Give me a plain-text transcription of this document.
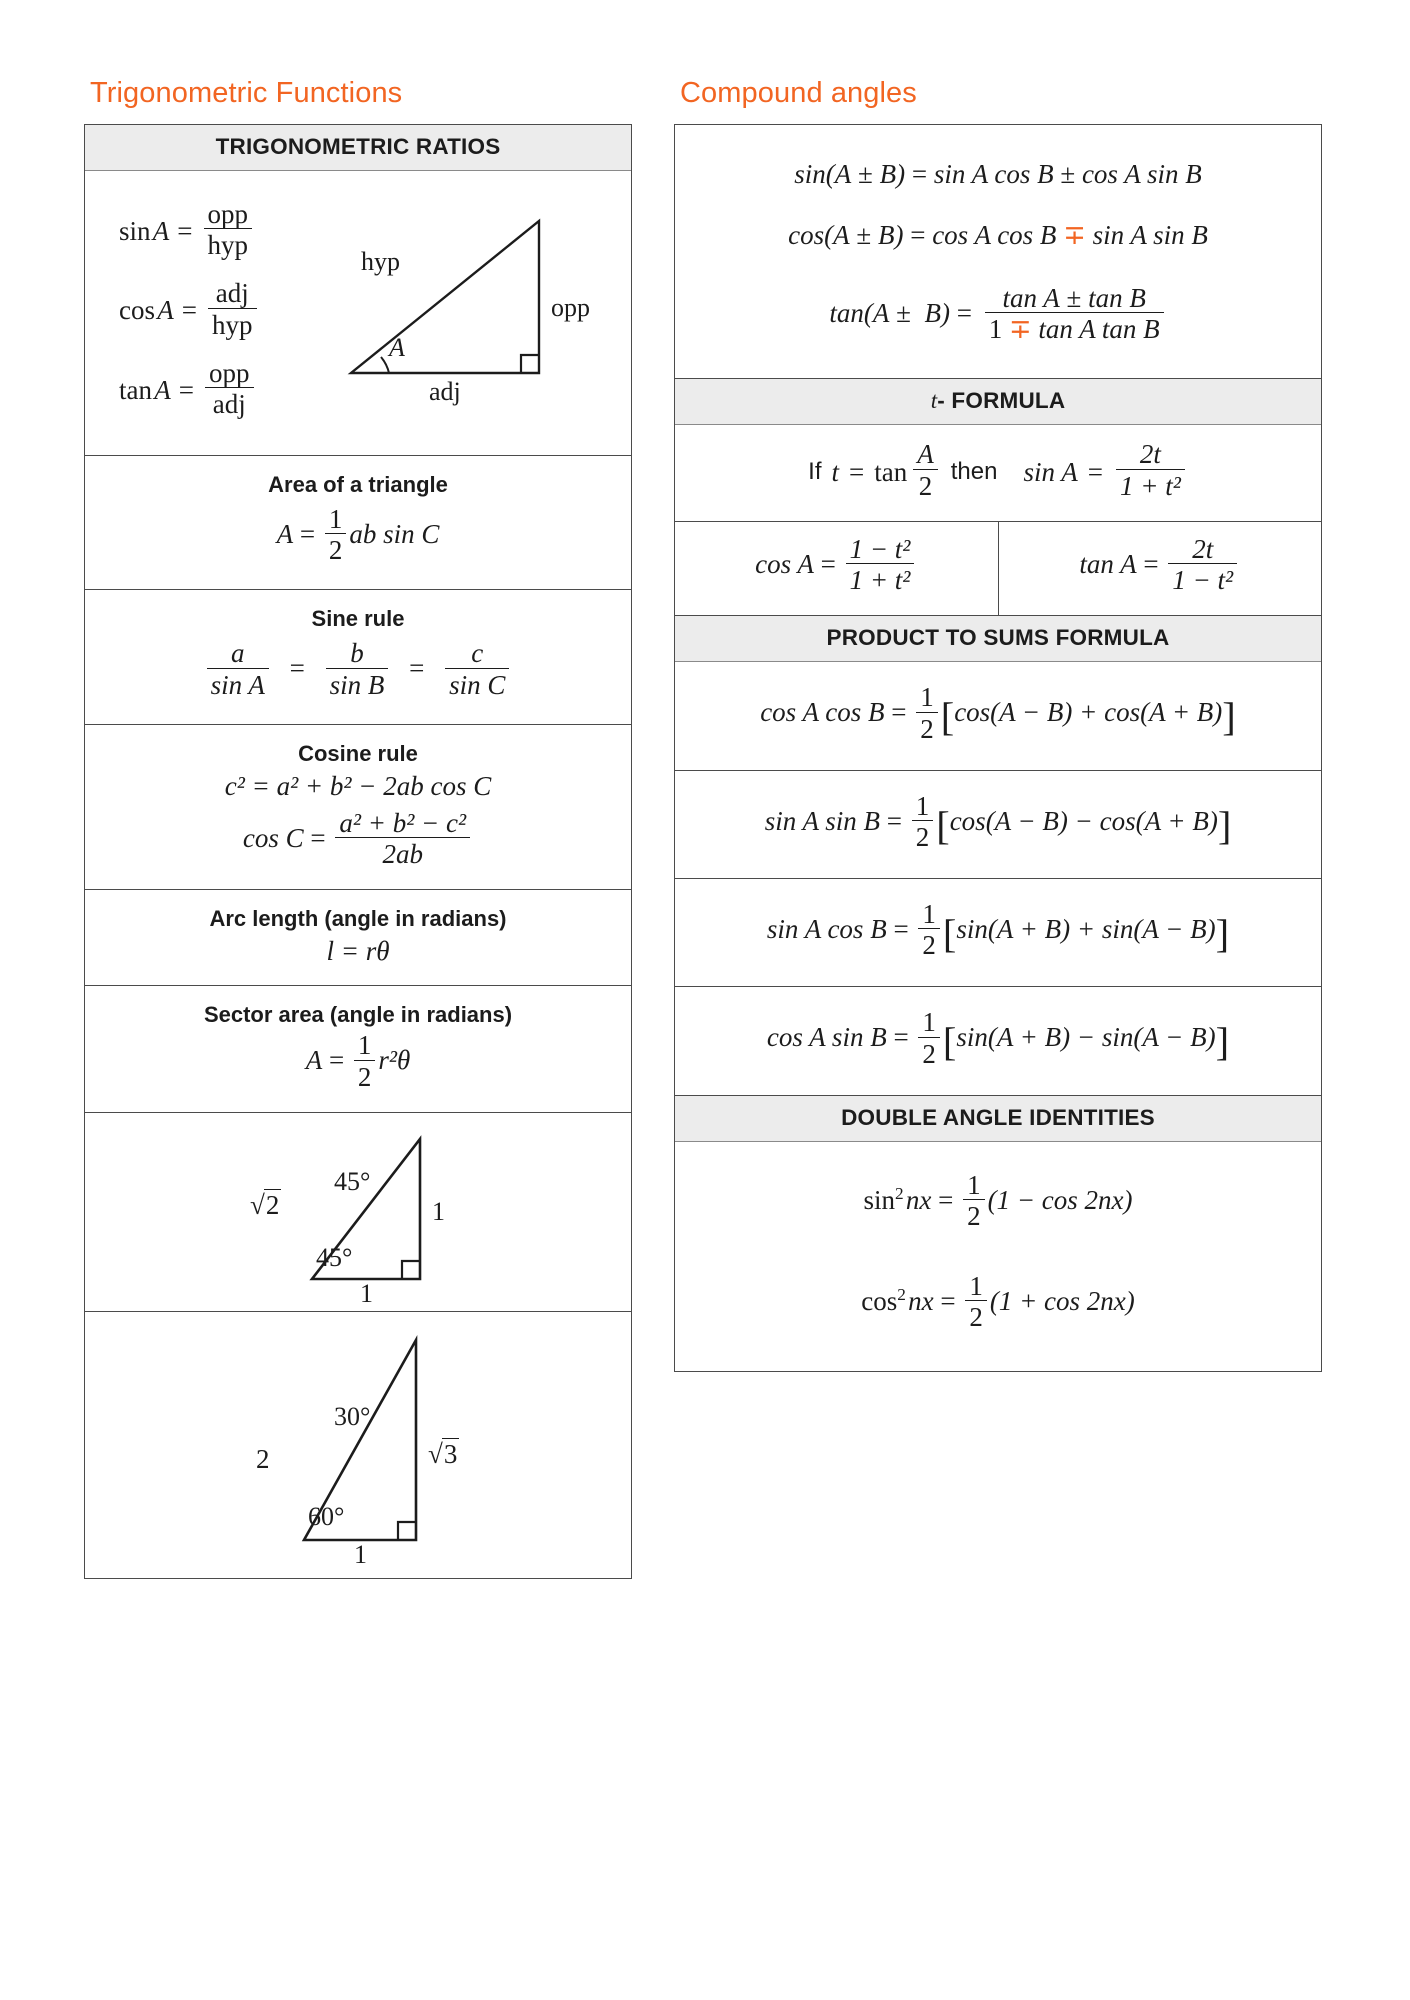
Trigonometric Functions
TRIGONOMETRIC RATIOS
sin $A = \frac{\text{opp}}{\text{hyp}}$
cos $A = \frac{\text{adj}}{\text{hyp}}$
tan $A = \frac{\text{opp}}{\text{adj}}$
hyp
opp
adj
A
Area of a triangle
$A = \frac{1}{2}$ ab sin C
Sine rule
$\frac{a}{\text{sin A}} = \frac{b}{\text{sin B}} = \frac{c}{\text{sin C}}$
Cosine rule
c² = a² + b² − 2ab cos C
$\cos C = \frac{\text{a² + b² − c²}}{2ab}$
Arc length (angle in radians)
l = rθ
Sector area (angle in radians)
$A = \frac{1}{2} r^2\theta$
√2
45°
45°
1
1
2
30°
60°
√3
1
Compound angles
sin(A ± B) = sin A cos B ± cos A sin B
cos(A ± B) = cos A cos B ∓ sin A sin B
$\tan(A \pm B) = \frac{\text{tan A ± tan B}}{\text{1 ∓ tan A tan B}}$
t- FORMULA
If $t = \tan \frac{A}{2}$ then $\sin A = \frac{2t}{\text{1 + t²}}$
$\cos A = \frac{\text{1 − t²}}{\text{1 + t²}}$	$\tan A = \frac{2t}{\text{1 − t²}}$
PRODUCT TO SUMS FORMULA
cos A $\cos B = \frac{1}{2} [\cos(A - B) + \cos(A + B)]$
sin A $\sin B = \frac{1}{2} [\cos(A - B) - \cos(A + B)]$
sin A $\cos B = \frac{1}{2} [\sin(A + B) + \sin(A - B)]$
cos A $\sin B = \frac{1}{2} [\sin(A + B) - \sin(A - B)]$
DOUBLE ANGLE IDENTITIES
$\sin^2$ nx = $\frac{1}{2} (1 - \cos 2nx)$
$\cos^2$ nx = $\frac{1}{2} (1 + \cos 2nx)$
